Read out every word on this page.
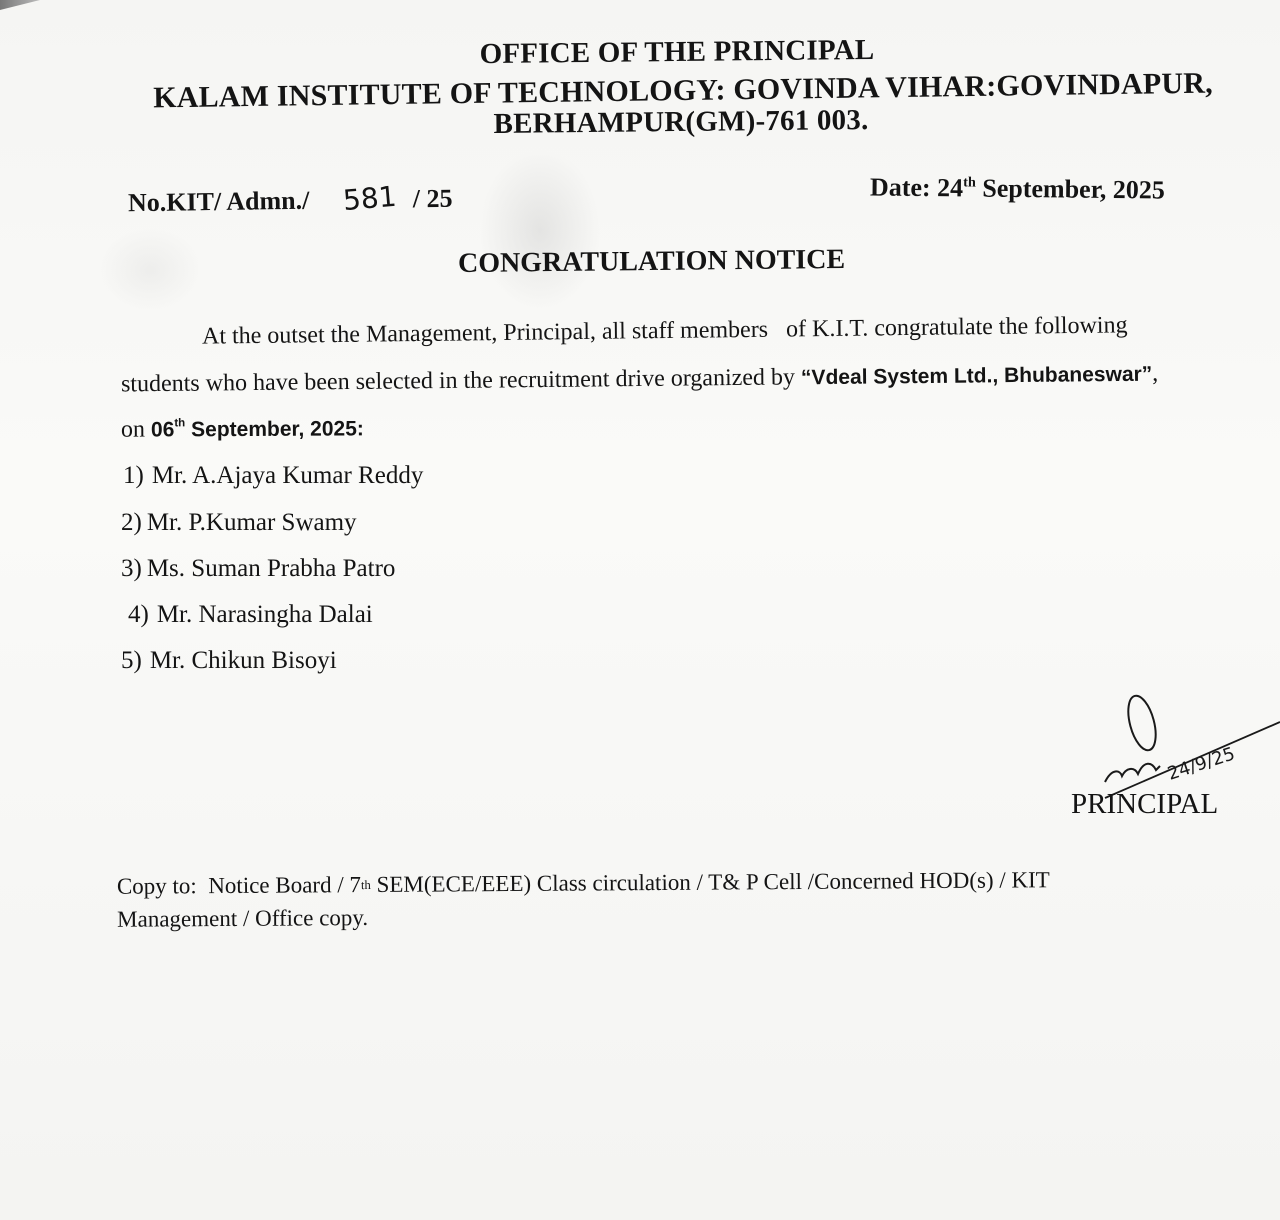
OFFICE OF THE PRINCIPAL
KALAM INSTITUTE OF TECHNOLOGY: GOVINDA VIHAR:GOVINDAPUR,
BERHAMPUR(GM)-761 003.
No.KIT/ Admn./ 581 / 25	Date: 24th September, 2025
CONGRATULATION NOTICE
At the outset the Management, Principal, all staff members   of K.I.T. congratulate the following
students who have been selected in the recruitment drive organized by “Vdeal System Ltd., Bhubaneswar”,
on 06th September, 2025:
1) Mr. A.Ajaya Kumar Reddy
2) Mr. P.Kumar Swamy
3) Ms. Suman Prabha Patro
4) Mr. Narasingha Dalai
5) Mr. Chikun Bisoyi
24/9/25
PRINCIPAL
Copy to:  Notice Board / 7th SEM(ECE/EEE) Class circulation / T& P Cell /Concerned HOD(s) / KIT
Management / Office copy.
